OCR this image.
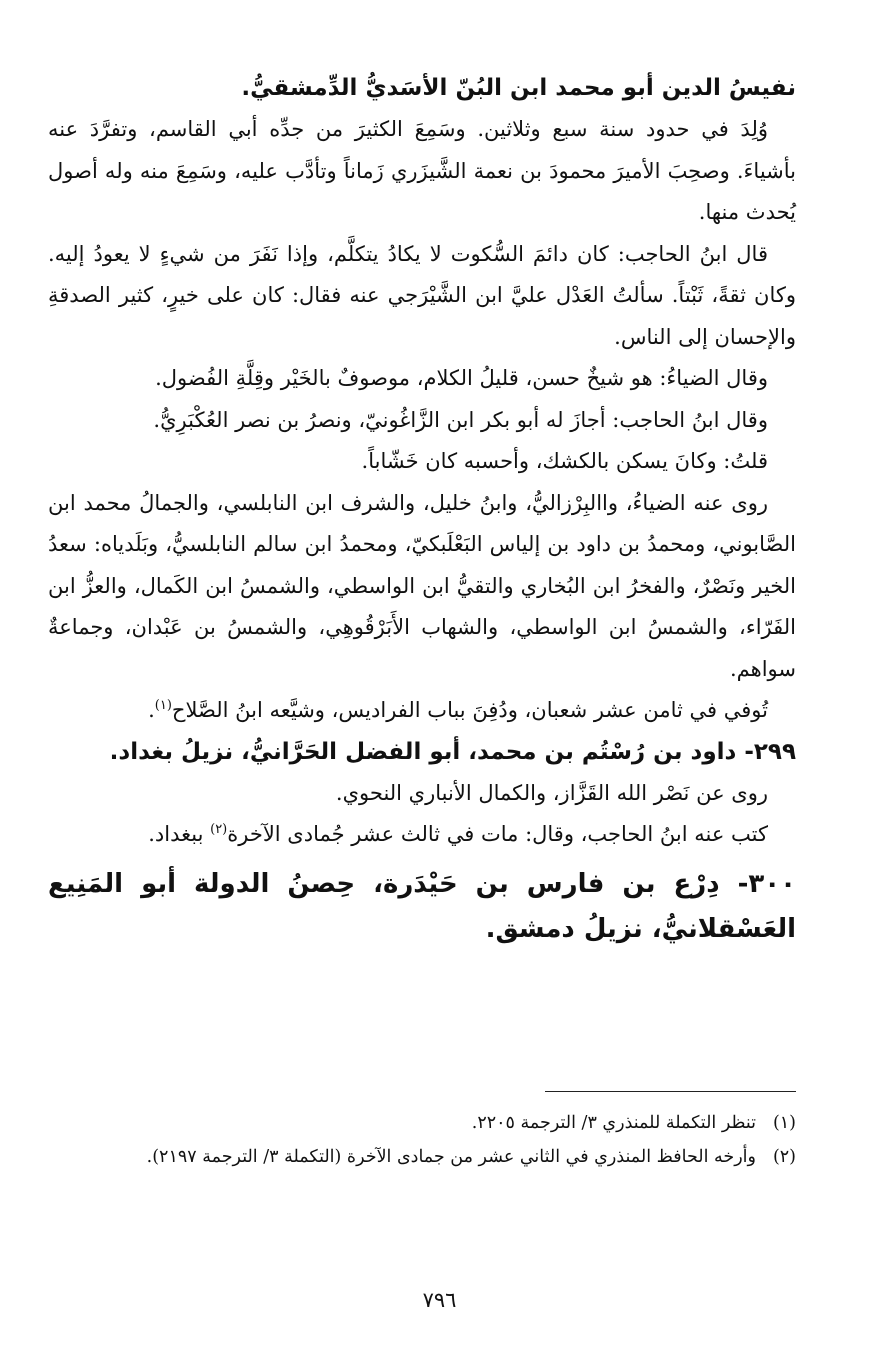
نفيسُ الدين أبو محمد ابن البُنّ الأسَديُّ الدِّمشقيُّ.

وُلِدَ في حدود سنة سبع وثلاثين. وسَمِعَ الكثيرَ من جدِّه أبي القاسم، وتفرَّدَ عنه بأشياءَ. وصحِبَ الأميرَ محمودَ بن نعمة الشَّيزَري زَماناً وتأدَّب عليه، وسَمِعَ منه وله أصول يُحدث منها.

قال ابنُ الحاجب: كان دائمَ السُّكوت لا يكادُ يتكلَّم، وإذا نَفَرَ من شيءٍ لا يعودُ إليه. وكان ثقةً، ثَبْتاً. سألتُ العَدْل عليَّ ابن الشَّيْرَجي عنه فقال: كان على خيرٍ، كثير الصدقةِ والإحسان إلى الناس.

وقال الضياءُ: هو شيخٌ حسن، قليلُ الكلام، موصوفٌ بالخَيْر وقِلَّةِ الفُضول.

وقال ابنُ الحاجب: أجازَ له أبو بكر ابن الزَّاغُونيّ، ونصرُ بن نصر العُكْبَرِيُّ.

قلتُ: وكانَ يسكن بالكشك، وأحسبه كان خَشّاباً.

روى عنه الضياءُ، واالبِرْزاليُّ، وابنُ خليل، والشرف ابن النابلسي، والجمالُ محمد ابن الصَّابوني، ومحمدُ بن داود بن إلياس البَعْلَبكيّ، ومحمدُ ابن سالم النابلسيُّ، وبَلَدياه: سعدُ الخير ونَصْرٌ، والفخرُ ابن البُخاري والتقيُّ ابن الواسطي، والشمسُ ابن الكَمال، والعزُّ ابن الفَرّاء، والشمسُ ابن الواسطي، والشهاب الأَبَرْقُوهِي، والشمسُ بن عَبْدان، وجماعةٌ سواهم.

تُوفي في ثامن عشر شعبان، ودُفِنَ بباب الفراديس، وشيَّعه ابنُ الصَّلاح$^{(١)}$.

٢٩٩- داود بن رُسْتُم بن محمد، أبو الفضل الحَرَّانيُّ، نزيلُ بغداد.

روى عن نَصْر الله القَزَّاز، والكمال الأنباري النحوي.

كتب عنه ابنُ الحاجب، وقال: مات في ثالث عشر جُمادى الآخرة$^{(٢)}$ ببغداد.

٣٠٠- دِرْع بن فارس بن حَيْدَرة، حِصنُ الدولة أبو المَنِيع العَسْقلانيُّ، نزيلُ دمشق.

(١)
تنظر التكملة للمنذري ٣/ الترجمة ٢٢٠٥.

(٢)
وأرخه الحافظ المنذري في الثاني عشر من جمادى الآخرة (التكملة ٣/ الترجمة ٢١٩٧).

٧٩٦
